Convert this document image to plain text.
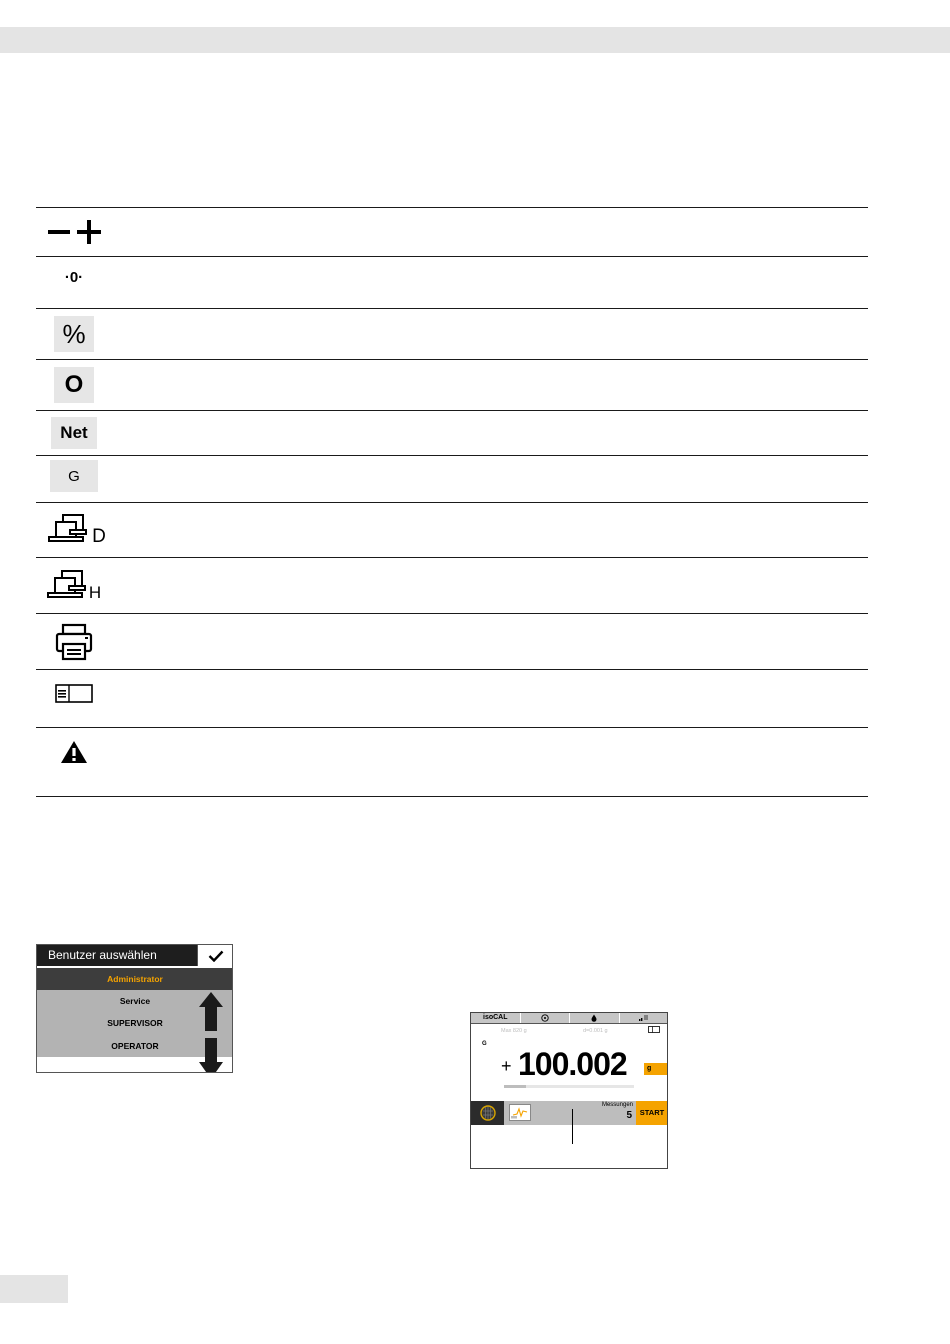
·0·
%
O
Net
G
D
H
Benutzer auswählen
Administrator
Service
SUPERVISOR
OPERATOR
isoCAL
Max 820 g	d=0.001 g
G
+ 100.002	g
Messungen
5	START
